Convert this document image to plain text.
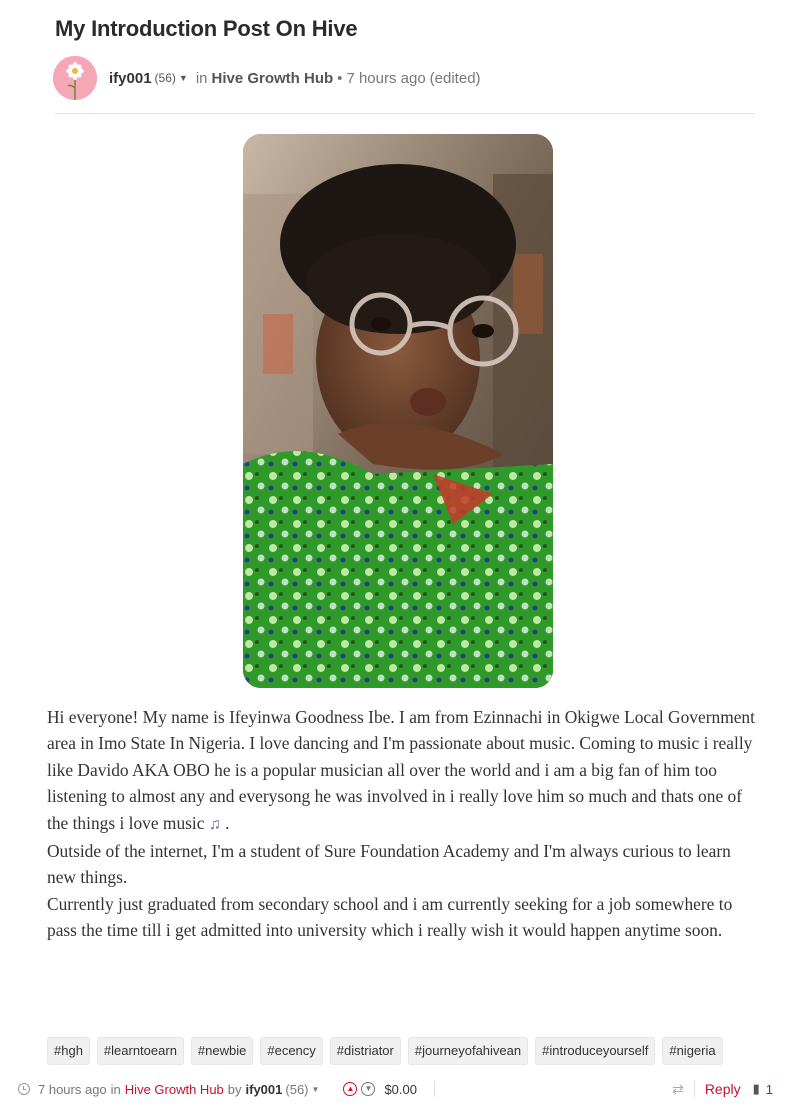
My Introduction Post On Hive
ify001 (56) ▼ in Hive Growth Hub • 7 hours ago (edited)

Hi everyone! My name is Ifeyinwa Goodness Ibe. I am from Ezinnachi in Okigwe Local Government area in Imo State In Nigeria. I love dancing and I'm passionate about music. Coming to music i really like Davido AKA OBO he is a popular musician all over the world and i am a big fan of him too listening to almost any and everysong he was involved in i really love him so much and thats one of the things i love music ♫ .

Outside of the internet, I'm a student of Sure Foundation Academy and I'm always curious to learn new things.

Currently just graduated from secondary school and i am currently seeking for a job somewhere to pass the time till i get admitted into university which i really wish it would happen anytime soon.

#hgh	#learntoearn	#newbie	#ecency	#distriator	#journeyofahivean	#introduceyourself	#nigeria
7 hours ago in Hive Growth Hub by ify001 (56) ▼	▲	▼ $0.00	⇄ Reply ▮ 1
